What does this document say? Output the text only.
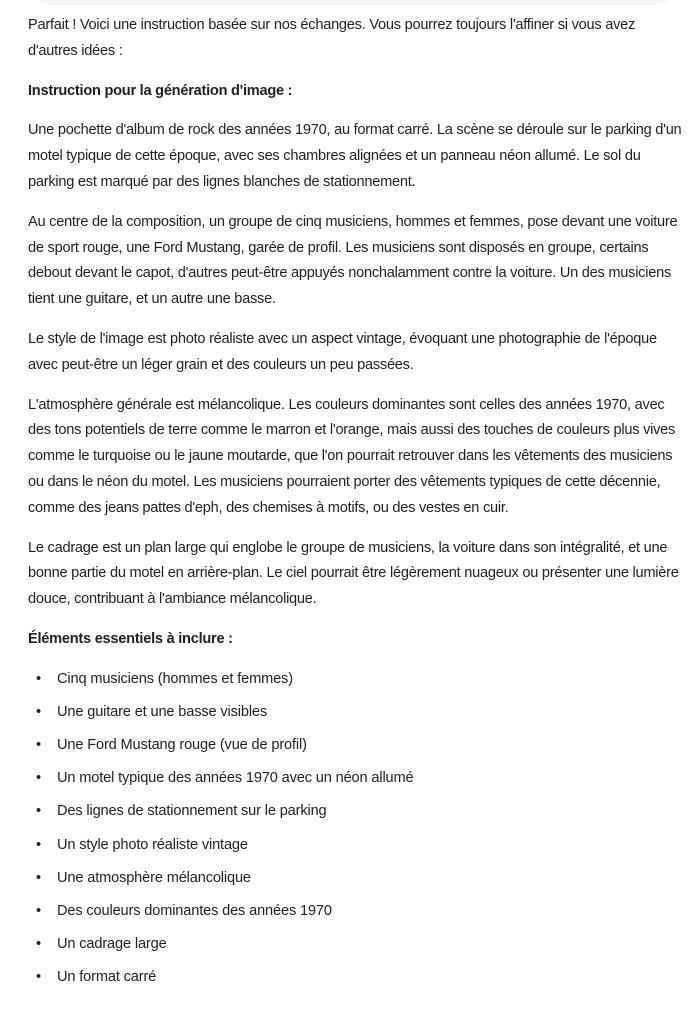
Parfait ! Voici une instruction basée sur nos échanges. Vous pourrez toujours l'affiner si vous avez d'autres idées :

Instruction pour la génération d'image :

Une pochette d'album de rock des années 1970, au format carré. La scène se déroule sur le parking d'un motel typique de cette époque, avec ses chambres alignées et un panneau néon allumé. Le sol du parking est marqué par des lignes blanches de stationnement.

Au centre de la composition, un groupe de cinq musiciens, hommes et femmes, pose devant une voiture de sport rouge, une Ford Mustang, garée de profil. Les musiciens sont disposés en groupe, certains debout devant le capot, d'autres peut-être appuyés nonchalamment contre la voiture. Un des musiciens tient une guitare, et un autre une basse.

Le style de l'image est photo réaliste avec un aspect vintage, évoquant une photographie de l'époque avec peut-être un léger grain et des couleurs un peu passées.

L'atmosphère générale est mélancolique. Les couleurs dominantes sont celles des années 1970, avec des tons potentiels de terre comme le marron et l'orange, mais aussi des touches de couleurs plus vives comme le turquoise ou le jaune moutarde, que l'on pourrait retrouver dans les vêtements des musiciens ou dans le néon du motel. Les musiciens pourraient porter des vêtements typiques de cette décennie, comme des jeans pattes d'eph, des chemises à motifs, ou des vestes en cuir.

Le cadrage est un plan large qui englobe le groupe de musiciens, la voiture dans son intégralité, et une bonne partie du motel en arrière-plan. Le ciel pourrait être légèrement nuageux ou présenter une lumière douce, contribuant à l'ambiance mélancolique.

Éléments essentiels à inclure :

• Cinq musiciens (hommes et femmes)
• Une guitare et une basse visibles
• Une Ford Mustang rouge (vue de profil)
• Un motel typique des années 1970 avec un néon allumé
• Des lignes de stationnement sur le parking
• Un style photo réaliste vintage
• Une atmosphère mélancolique
• Des couleurs dominantes des années 1970
• Un cadrage large
• Un format carré
